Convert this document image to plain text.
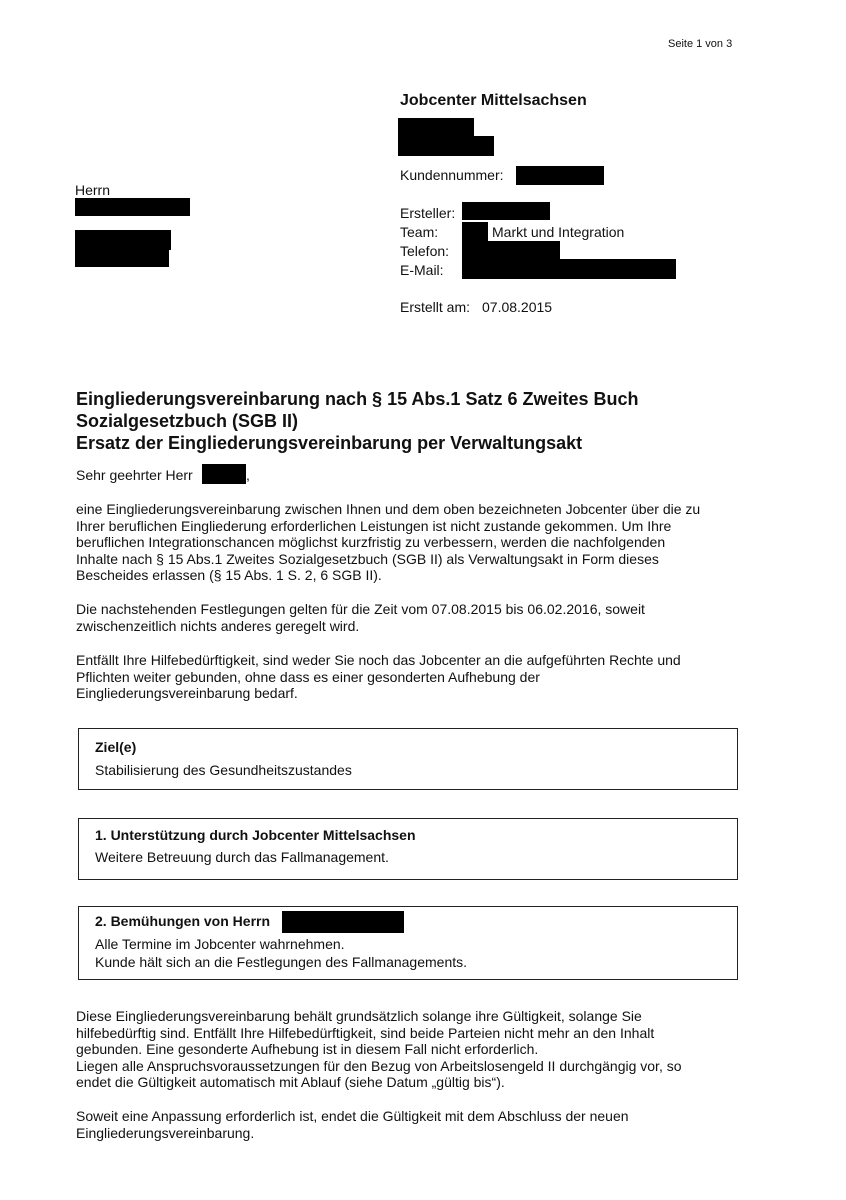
Seite 1 von 3
Jobcenter Mittelsachsen
Kundennummer:
Ersteller:
Team:	Markt und Integration
Telefon:
E-Mail:
Erstellt am: 07.08.2015
Herrn
Eingliederungsvereinbarung nach § 15 Abs.1 Satz 6 Zweites Buch
Sozialgesetzbuch (SGB II)
Ersatz der Eingliederungsvereinbarung per Verwaltungsakt
Sehr geehrter Herr	,
eine Eingliederungsvereinbarung zwischen Ihnen und dem oben bezeichneten Jobcenter über die zu
Ihrer beruflichen Eingliederung erforderlichen Leistungen ist nicht zustande gekommen. Um Ihre
beruflichen Integrationschancen möglichst kurzfristig zu verbessern, werden die nachfolgenden
Inhalte nach § 15 Abs.1 Zweites Sozialgesetzbuch (SGB II) als Verwaltungsakt in Form dieses
Bescheides erlassen (§ 15 Abs. 1 S. 2, 6 SGB II).
Die nachstehenden Festlegungen gelten für die Zeit vom 07.08.2015 bis 06.02.2016, soweit
zwischenzeitlich nichts anderes geregelt wird.
Entfällt Ihre Hilfebedürftigkeit, sind weder Sie noch das Jobcenter an die aufgeführten Rechte und
Pflichten weiter gebunden, ohne dass es einer gesonderten Aufhebung der
Eingliederungsvereinbarung bedarf.
Ziel(e)
Stabilisierung des Gesundheitszustandes
1. Unterstützung durch Jobcenter Mittelsachsen
Weitere Betreuung durch das Fallmanagement.
2. Bemühungen von Herrn
Alle Termine im Jobcenter wahrnehmen.
Kunde hält sich an die Festlegungen des Fallmanagements.
Diese Eingliederungsvereinbarung behält grundsätzlich solange ihre Gültigkeit, solange Sie
hilfebedürftig sind. Entfällt Ihre Hilfebedürftigkeit, sind beide Parteien nicht mehr an den Inhalt
gebunden. Eine gesonderte Aufhebung ist in diesem Fall nicht erforderlich.
Liegen alle Anspruchsvoraussetzungen für den Bezug von Arbeitslosengeld II durchgängig vor, so
endet die Gültigkeit automatisch mit Ablauf (siehe Datum „gültig bis“).
Soweit eine Anpassung erforderlich ist, endet die Gültigkeit mit dem Abschluss der neuen
Eingliederungsvereinbarung.
